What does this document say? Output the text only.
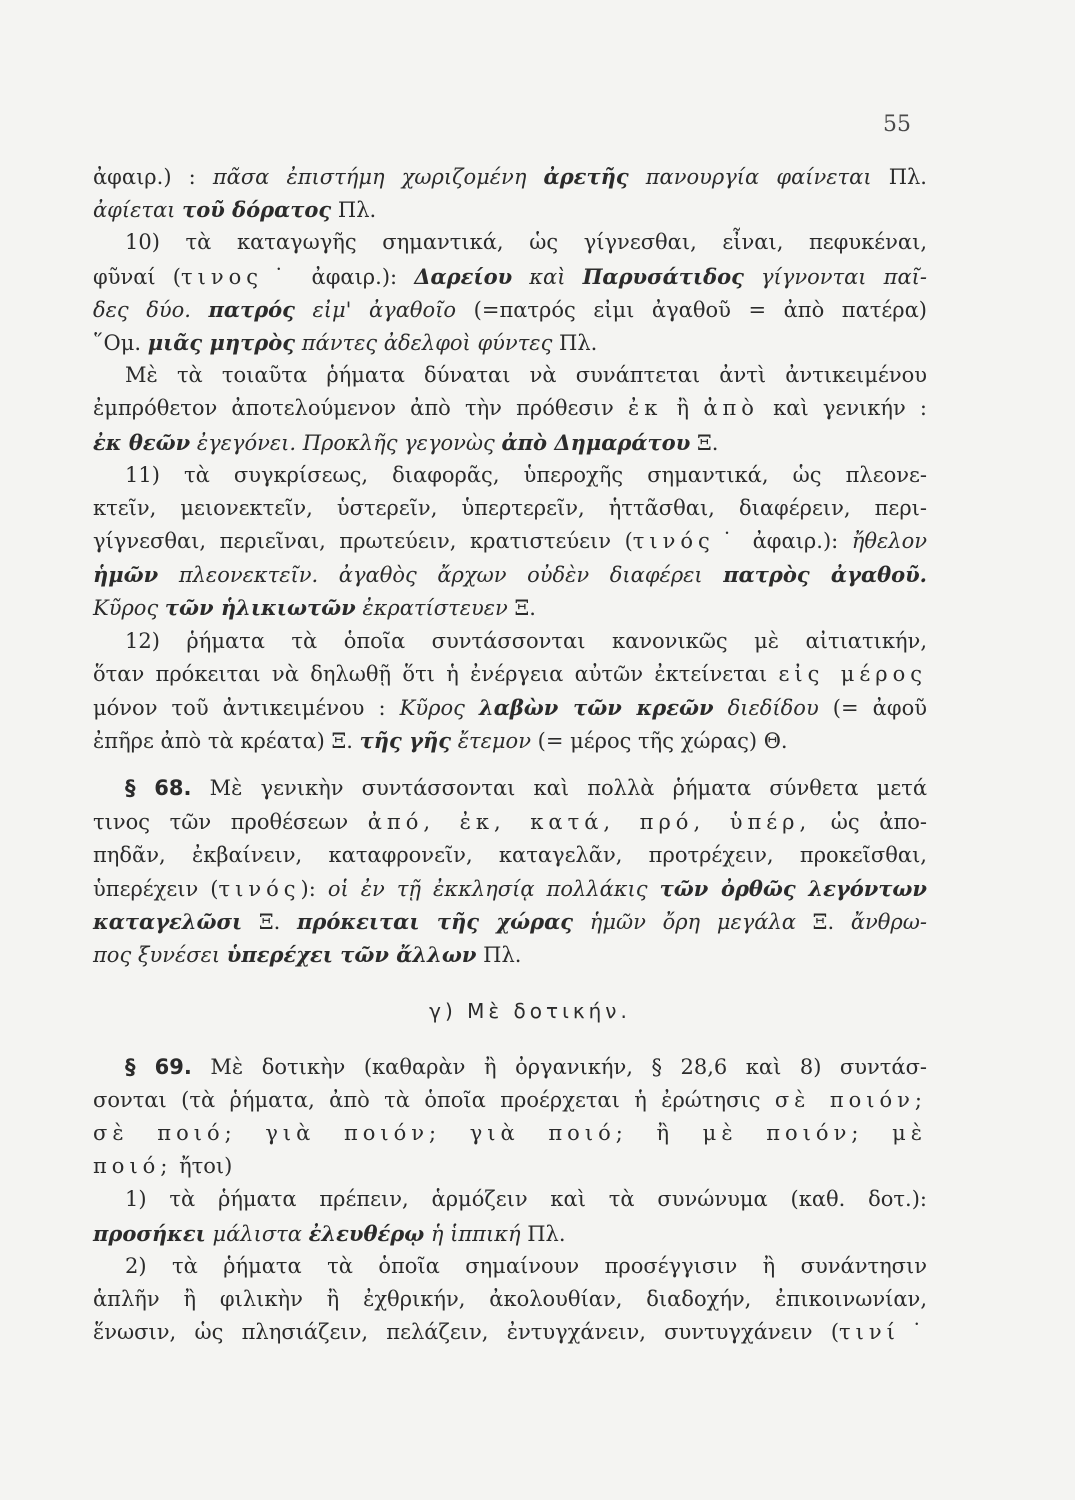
55
ἀφαιρ.) : πᾶσα ἐπιστήμη χωριζομένη ἀρετῆς πανουργία φαίνεται Πλ.
ἀφίεται τοῦ δόρατος Πλ.
10) τὰ καταγωγῆς σημαντικά, ὡς γίγνεσθαι, εἶναι, πεφυκέναι,
φῦναί (τινος˙ ἀφαιρ.): Δαρείου καὶ Παρυσάτιδος γίγνονται παῖ-
δες δύο. πατρός εἰμ' ἀγαθοῖο (=πατρός εἰμι ἀγαθοῦ = ἀπὸ πατέρα)
῞Ομ. μιᾶς μητρὸς πάντες ἀδελφοὶ φύντες Πλ.
Μὲ τὰ τοιαῦτα ῥήματα δύναται νὰ συνάπτεται ἀντὶ ἀντικειμένου
ἐμπρόθετον ἀποτελούμενον ἀπὸ τὴν πρόθεσιν ἐκ ἢ ἀπὸ καὶ γενικήν :
ἐκ θεῶν ἐγεγόνει. Προκλῆς γεγονὼς ἀπὸ Δημαράτου Ξ.
11) τὰ συγκρίσεως, διαφορᾶς, ὑπεροχῆς σημαντικά, ὡς πλεονε-
κτεῖν, μειονεκτεῖν, ὑστερεῖν, ὑπερτερεῖν, ἡττᾶσθαι, διαφέρειν, περι-
γίγνεσθαι, περιεῖναι, πρωτεύειν, κρατιστεύειν (τινός˙ ἀφαιρ.): ἤθελον
ἡμῶν πλεονεκτεῖν. ἀγαθὸς ἄρχων οὐδὲν διαφέρει πατρὸς ἀγαθοῦ.
Κῦρος τῶν ἡλικιωτῶν ἐκρατίστευεν Ξ.
12) ῥήματα τὰ ὁποῖα συντάσσονται κανονικῶς μὲ αἰτιατικήν,
ὅταν πρόκειται νὰ δηλωθῇ ὅτι ἡ ἐνέργεια αὐτῶν ἐκτείνεται εἰς μέρος
μόνον τοῦ ἀντικειμένου : Κῦρος λαβὼν τῶν κρεῶν διεδίδου (= ἀφοῦ
ἐπῆρε ἀπὸ τὰ κρέατα) Ξ. τῆς γῆς ἔτεμον (= μέρος τῆς χώρας) Θ.
§ 68. Μὲ γενικὴν συντάσσονται καὶ πολλὰ ῥήματα σύνθετα μετά
τινος τῶν προθέσεων ἀπό, ἐκ, κατά, πρό, ὑπέρ, ὡς ἀπο-
πηδᾶν, ἐκβαίνειν, καταφρονεῖν, καταγελᾶν, προτρέχειν, προκεῖσθαι,
ὑπερέχειν (τινός): οἱ ἐν τῇ ἐκκλησίᾳ πολλάκις τῶν ὀρθῶς λεγόντων
καταγελῶσι Ξ. πρόκειται τῆς χώρας ἡμῶν ὄρη μεγάλα Ξ. ἄνθρω-
πος ξυνέσει ὑπερέχει τῶν ἄλλων Πλ.
γ) Μὲ δοτικήν.
§ 69. Μὲ δοτικὴν (καθαρὰν ἢ ὀργανικήν, § 28,6 καὶ 8) συντάσ-
σονται (τὰ ῥήματα, ἀπὸ τὰ ὁποῖα προέρχεται ἡ ἐρώτησις σὲ ποιόν;
σὲ ποιό; γιὰ ποιόν; γιὰ ποιό; ἢ μὲ ποιόν; μὲ
ποιό; ἤτοι)
1) τὰ ῥήματα πρέπειν, ἁρμόζειν καὶ τὰ συνώνυμα (καθ. δοτ.):
προσήκει μάλιστα ἐλευθέρῳ ἡ ἱππική Πλ.
2) τὰ ῥήματα τὰ ὁποῖα σημαίνουν προσέγγισιν ἢ συνάντησιν
ἁπλῆν ἢ φιλικὴν ἢ ἐχθρικήν, ἀκολουθίαν, διαδοχήν, ἐπικοινωνίαν,
ἕνωσιν, ὡς πλησιάζειν, πελάζειν, ἐντυγχάνειν, συντυγχάνειν (τινί˙
